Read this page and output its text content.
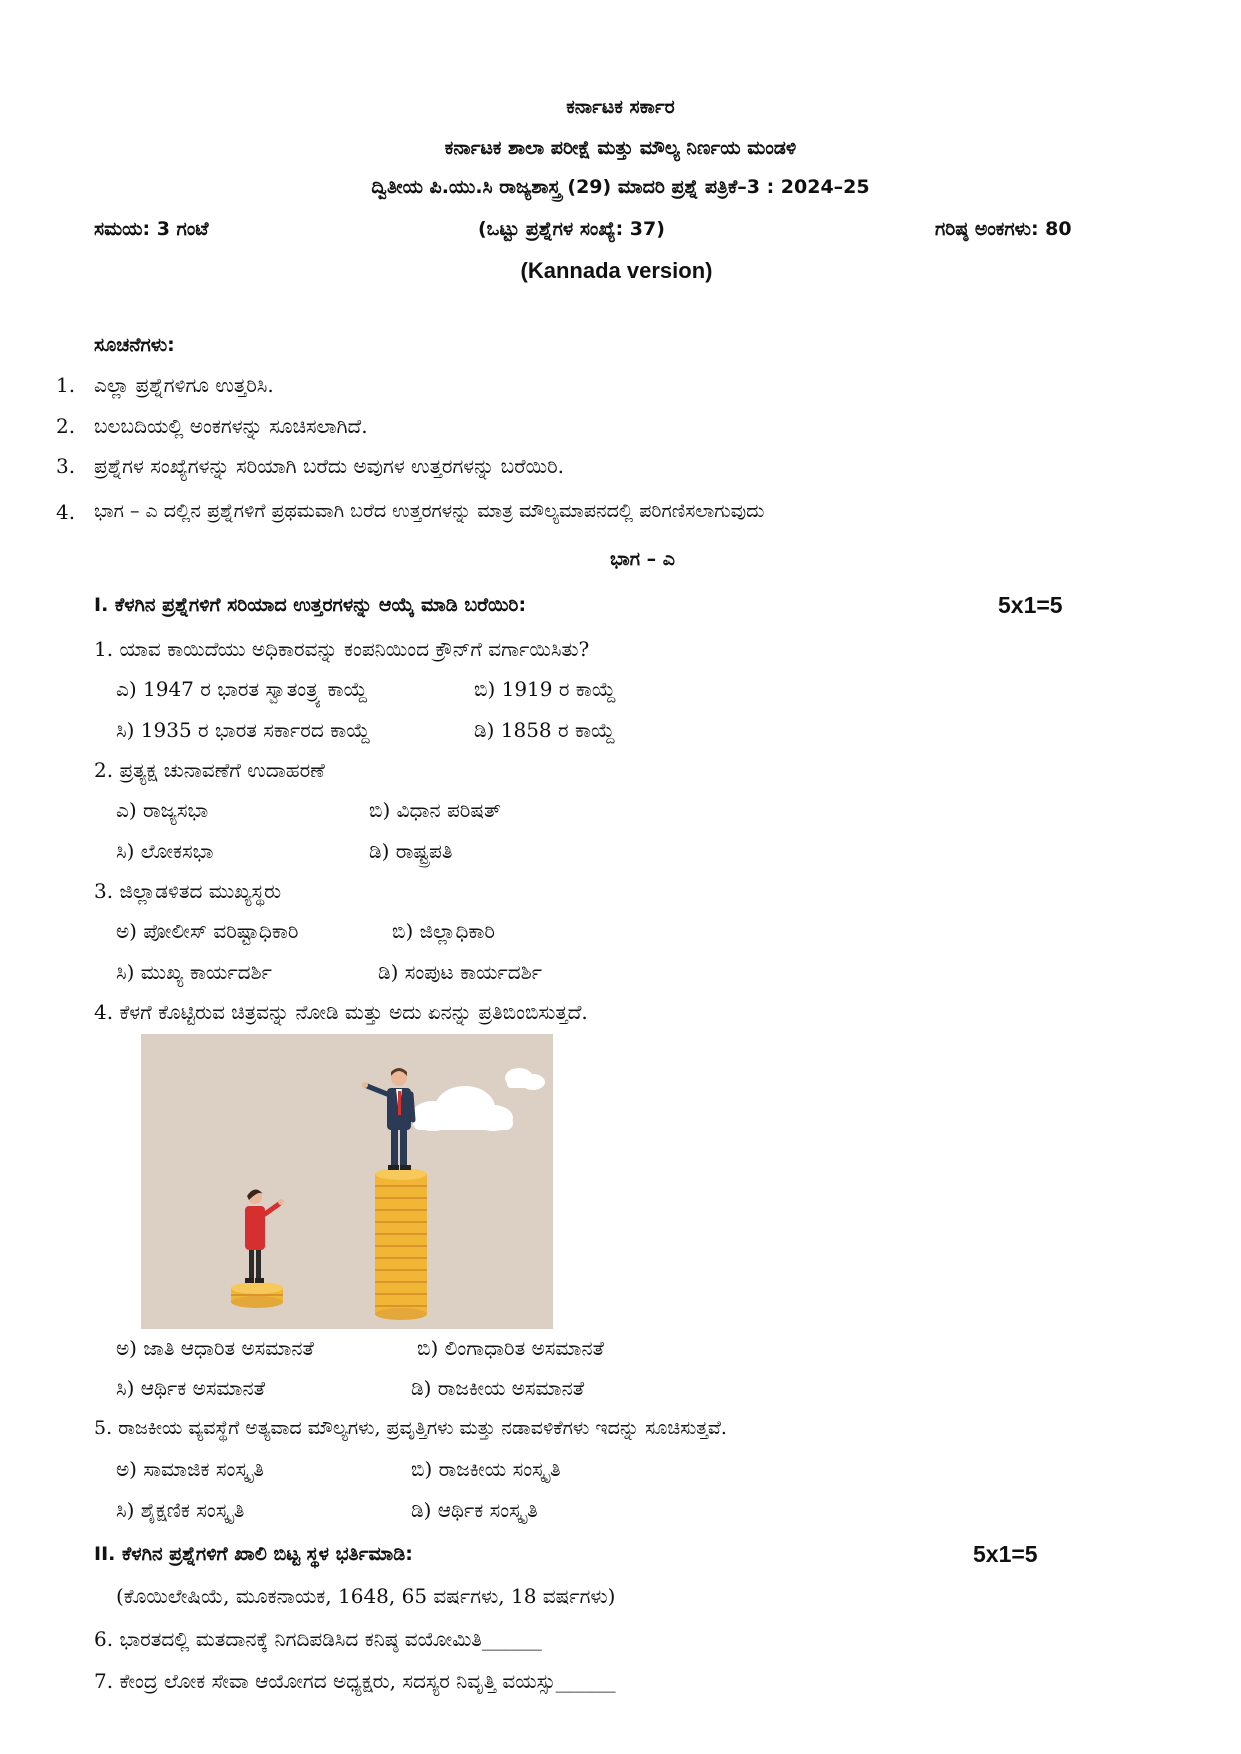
ಕರ್ನಾಟಕ ಸರ್ಕಾರ
ಕರ್ನಾಟಕ ಶಾಲಾ ಪರೀಕ್ಷೆ ಮತ್ತು ಮೌಲ್ಯ ನಿರ್ಣಯ ಮಂಡಳಿ
ದ್ವಿತೀಯ ಪಿ.ಯು.ಸಿ ರಾಜ್ಯಶಾಸ್ತ್ರ (29) ಮಾದರಿ ಪ್ರಶ್ನೆ ಪತ್ರಿಕೆ–3 : 2024–25
ಸಮಯ: 3 ಗಂಟೆ	(ಒಟ್ಟು ಪ್ರಶ್ನೆಗಳ ಸಂಖ್ಯೆ: 37)	ಗರಿಷ್ಠ ಅಂಕಗಳು: 80
(Kannada version)
ಸೂಚನೆಗಳು:
1. ಎಲ್ಲಾ ಪ್ರಶ್ನೆಗಳಿಗೂ ಉತ್ತರಿಸಿ.
2. ಬಲಬದಿಯಲ್ಲಿ ಅಂಕಗಳನ್ನು ಸೂಚಿಸಲಾಗಿದೆ.
3. ಪ್ರಶ್ನೆಗಳ ಸಂಖ್ಯೆಗಳನ್ನು ಸರಿಯಾಗಿ ಬರೆದು ಅವುಗಳ ಉತ್ತರಗಳನ್ನು ಬರೆಯಿರಿ.
4. ಭಾಗ – ಎ ದಲ್ಲಿನ ಪ್ರಶ್ನೆಗಳಿಗೆ ಪ್ರಥಮವಾಗಿ ಬರೆದ ಉತ್ತರಗಳನ್ನು ಮಾತ್ರ ಮೌಲ್ಯಮಾಪನದಲ್ಲಿ ಪರಿಗಣಿಸಲಾಗುವುದು
ಭಾಗ – ಎ
I. ಕೆಳಗಿನ ಪ್ರಶ್ನೆಗಳಿಗೆ ಸರಿಯಾದ ಉತ್ತರಗಳನ್ನು ಆಯ್ಕೆ ಮಾಡಿ ಬರೆಯಿರಿ:	5x1=5
1. ಯಾವ ಕಾಯಿದೆಯು ಅಧಿಕಾರವನ್ನು ಕಂಪನಿಯಿಂದ ಕ್ರೌನ್‌ಗೆ ವರ್ಗಾಯಿಸಿತು?
ಎ) 1947 ರ ಭಾರತ ಸ್ವಾತಂತ್ರ್ಯ ಕಾಯ್ದೆ	ಬಿ) 1919 ರ ಕಾಯ್ದೆ
ಸಿ) 1935 ರ ಭಾರತ ಸರ್ಕಾರದ ಕಾಯ್ದೆ	ಡಿ) 1858 ರ ಕಾಯ್ದೆ
2. ಪ್ರತ್ಯಕ್ಷ ಚುನಾವಣೆಗೆ ಉದಾಹರಣೆ
ಎ) ರಾಜ್ಯಸಭಾ	ಬಿ) ವಿಧಾನ ಪರಿಷತ್
ಸಿ) ಲೋಕಸಭಾ	ಡಿ) ರಾಷ್ಟ್ರಪತಿ
3. ಜಿಲ್ಲಾಡಳಿತದ ಮುಖ್ಯಸ್ಥರು
ಅ) ಪೋಲೀಸ್ ವರಿಷ್ಟಾಧಿಕಾರಿ	ಬಿ) ಜಿಲ್ಲಾಧಿಕಾರಿ
ಸಿ) ಮುಖ್ಯ ಕಾರ್ಯದರ್ಶಿ	ಡಿ) ಸಂಪುಟ ಕಾರ್ಯದರ್ಶಿ
4. ಕೆಳಗೆ ಕೊಟ್ಟಿರುವ ಚಿತ್ರವನ್ನು ನೋಡಿ ಮತ್ತು ಅದು ಏನನ್ನು ಪ್ರತಿಬಿಂಬಿಸುತ್ತದೆ.
ಅ) ಜಾತಿ ಆಧಾರಿತ ಅಸಮಾನತೆ	ಬಿ) ಲಿಂಗಾಧಾರಿತ ಅಸಮಾನತೆ
ಸಿ) ಆರ್ಥಿಕ ಅಸಮಾನತೆ	ಡಿ) ರಾಜಕೀಯ ಅಸಮಾನತೆ
5. ರಾಜಕೀಯ ವ್ಯವಸ್ಥೆಗೆ ಅತ್ಯವಾದ ಮೌಲ್ಯಗಳು, ಪ್ರವೃತ್ತಿಗಳು ಮತ್ತು ನಡಾವಳಿಕೆಗಳು ಇದನ್ನು ಸೂಚಿಸುತ್ತವೆ.
ಅ) ಸಾಮಾಜಿಕ ಸಂಸ್ಕೃತಿ	ಬಿ) ರಾಜಕೀಯ ಸಂಸ್ಕೃತಿ
ಸಿ) ಶೈಕ್ಷಣಿಕ ಸಂಸ್ಕೃತಿ	ಡಿ) ಆರ್ಥಿಕ ಸಂಸ್ಕೃತಿ
II. ಕೆಳಗಿನ ಪ್ರಶ್ನೆಗಳಿಗೆ ಖಾಲಿ ಬಿಟ್ಟ ಸ್ಥಳ ಭರ್ತಿಮಾಡಿ:	5x1=5
(ಕೊಯಿಲೇಷಿಯೆ, ಮೂಕನಾಯಕ, 1648, 65 ವರ್ಷಗಳು, 18 ವರ್ಷಗಳು)
6. ಭಾರತದಲ್ಲಿ ಮತದಾನಕ್ಕೆ ನಿಗದಿಪಡಿಸಿದ ಕನಿಷ್ಠ ವಯೋಮಿತಿ______
7. ಕೇಂದ್ರ ಲೋಕ ಸೇವಾ ಆಯೋಗದ ಅಧ್ಯಕ್ಷರು, ಸದಸ್ಯರ ನಿವೃತ್ತಿ ವಯಸ್ಸು______
